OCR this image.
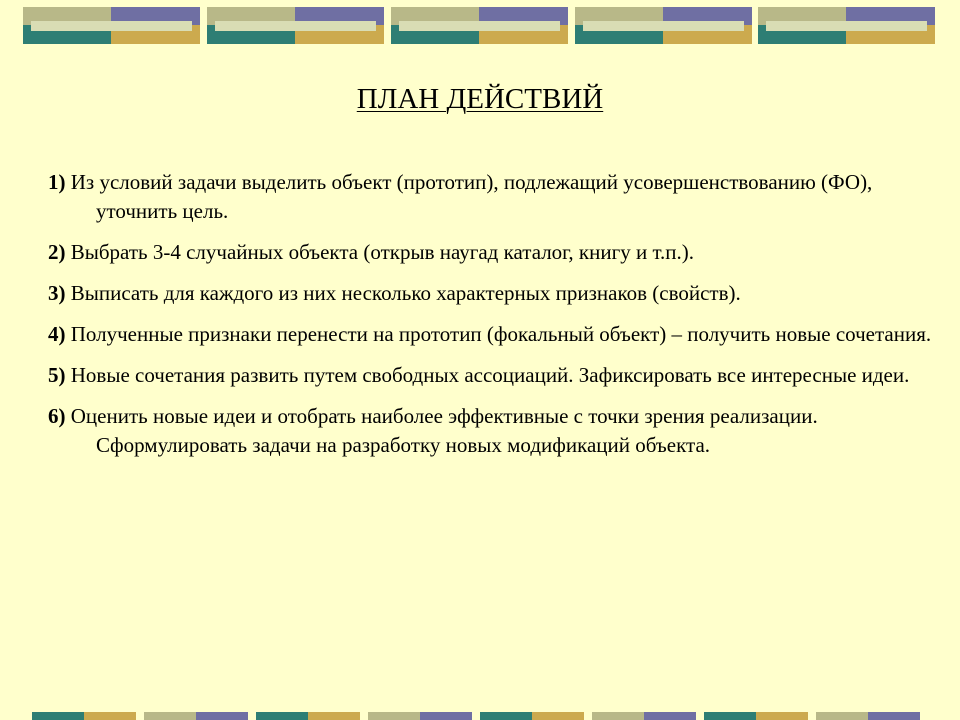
ПЛАН ДЕЙСТВИЙ
1) Из условий задачи выделить объект (прототип), подлежащий усовершенствованию (ФО), уточнить цель.
2) Выбрать 3-4 случайных объекта (открыв наугад каталог, книгу и т.п.).
3) Выписать для каждого из них несколько характерных признаков (свойств).
4) Полученные признаки перенести на прототип (фокальный объект) – получить новые сочетания.
5) Новые сочетания развить путем свободных ассоциаций. Зафиксировать все интересные идеи.
6) Оценить новые идеи и отобрать наиболее эффективные с точки зрения реализации. Сформулировать задачи на разработку новых модификаций объекта.
